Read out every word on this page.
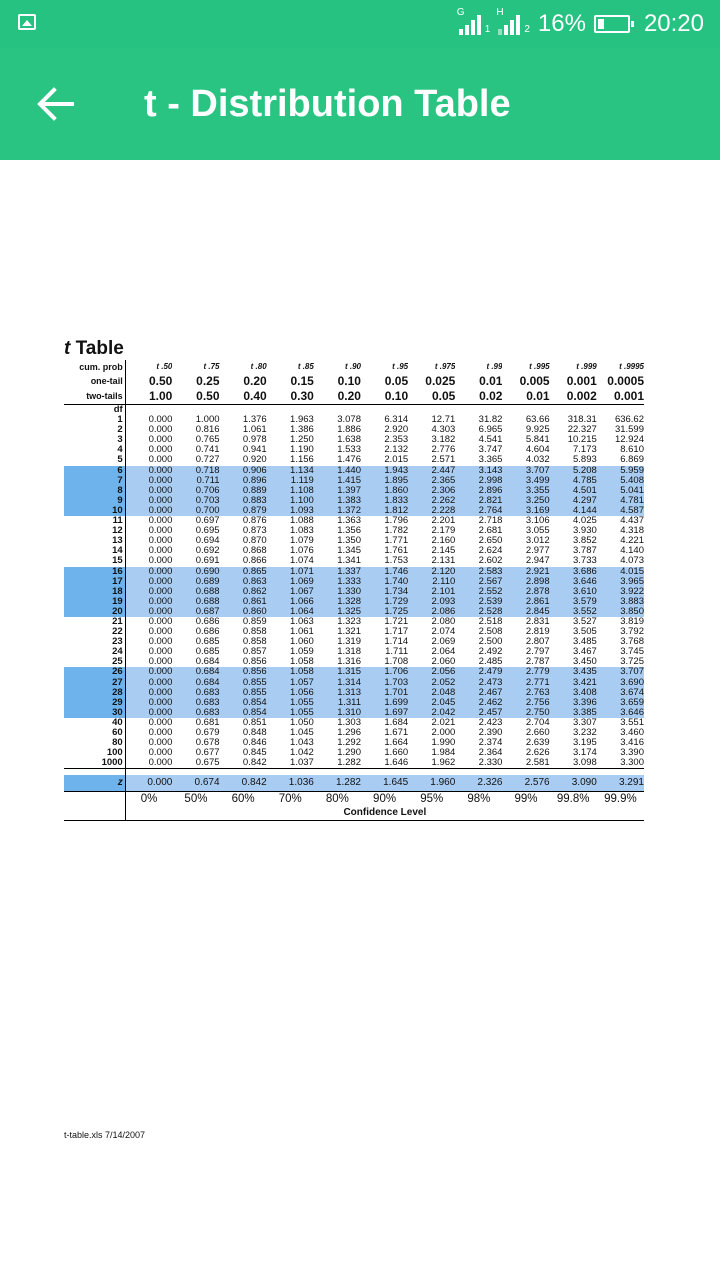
G
1
H
2 16% 20:20
t - Distribution Table
t Table
cum. prob	t .50	t .75	t .80	t .85	t .90	t .95	t .975	t .99	t .995	t .999	t .9995
one-tail	0.50	0.25	0.20	0.15	0.10	0.05	0.025	0.01	0.005	0.001	0.0005
two-tails	1.00	0.50	0.40	0.30	0.20	0.10	0.05	0.02	0.01	0.002	0.001
df											
1	0.000	1.000	1.376	1.963	3.078	6.314	12.71	31.82	63.66	318.31	636.62
2	0.000	0.816	1.061	1.386	1.886	2.920	4.303	6.965	9.925	22.327	31.599
3	0.000	0.765	0.978	1.250	1.638	2.353	3.182	4.541	5.841	10.215	12.924
4	0.000	0.741	0.941	1.190	1.533	2.132	2.776	3.747	4.604	7.173	8.610
5	0.000	0.727	0.920	1.156	1.476	2.015	2.571	3.365	4.032	5.893	6.869
6	0.000	0.718	0.906	1.134	1.440	1.943	2.447	3.143	3.707	5.208	5.959
7	0.000	0.711	0.896	1.119	1.415	1.895	2.365	2.998	3.499	4.785	5.408
8	0.000	0.706	0.889	1.108	1.397	1.860	2.306	2.896	3.355	4.501	5.041
9	0.000	0.703	0.883	1.100	1.383	1.833	2.262	2.821	3.250	4.297	4.781
10	0.000	0.700	0.879	1.093	1.372	1.812	2.228	2.764	3.169	4.144	4.587
11	0.000	0.697	0.876	1.088	1.363	1.796	2.201	2.718	3.106	4.025	4.437
12	0.000	0.695	0.873	1.083	1.356	1.782	2.179	2.681	3.055	3.930	4.318
13	0.000	0.694	0.870	1.079	1.350	1.771	2.160	2.650	3.012	3.852	4.221
14	0.000	0.692	0.868	1.076	1.345	1.761	2.145	2.624	2.977	3.787	4.140
15	0.000	0.691	0.866	1.074	1.341	1.753	2.131	2.602	2.947	3.733	4.073
16	0.000	0.690	0.865	1.071	1.337	1.746	2.120	2.583	2.921	3.686	4.015
17	0.000	0.689	0.863	1.069	1.333	1.740	2.110	2.567	2.898	3.646	3.965
18	0.000	0.688	0.862	1.067	1.330	1.734	2.101	2.552	2.878	3.610	3.922
19	0.000	0.688	0.861	1.066	1.328	1.729	2.093	2.539	2.861	3.579	3.883
20	0.000	0.687	0.860	1.064	1.325	1.725	2.086	2.528	2.845	3.552	3.850
21	0.000	0.686	0.859	1.063	1.323	1.721	2.080	2.518	2.831	3.527	3.819
22	0.000	0.686	0.858	1.061	1.321	1.717	2.074	2.508	2.819	3.505	3.792
23	0.000	0.685	0.858	1.060	1.319	1.714	2.069	2.500	2.807	3.485	3.768
24	0.000	0.685	0.857	1.059	1.318	1.711	2.064	2.492	2.797	3.467	3.745
25	0.000	0.684	0.856	1.058	1.316	1.708	2.060	2.485	2.787	3.450	3.725
26	0.000	0.684	0.856	1.058	1.315	1.706	2.056	2.479	2.779	3.435	3.707
27	0.000	0.684	0.855	1.057	1.314	1.703	2.052	2.473	2.771	3.421	3.690
28	0.000	0.683	0.855	1.056	1.313	1.701	2.048	2.467	2.763	3.408	3.674
29	0.000	0.683	0.854	1.055	1.311	1.699	2.045	2.462	2.756	3.396	3.659
30	0.000	0.683	0.854	1.055	1.310	1.697	2.042	2.457	2.750	3.385	3.646
40	0.000	0.681	0.851	1.050	1.303	1.684	2.021	2.423	2.704	3.307	3.551
60	0.000	0.679	0.848	1.045	1.296	1.671	2.000	2.390	2.660	3.232	3.460
80	0.000	0.678	0.846	1.043	1.292	1.664	1.990	2.374	2.639	3.195	3.416
100	0.000	0.677	0.845	1.042	1.290	1.660	1.984	2.364	2.626	3.174	3.390
1000	0.000	0.675	0.842	1.037	1.282	1.646	1.962	2.330	2.581	3.098	3.300

z	0.000	0.674	0.842	1.036	1.282	1.645	1.960	2.326	2.576	3.090	3.291
	0%	50%	60%	70%	80%	90%	95%	98%	99%	99.8%	99.9%
	Confidence Level										
t-table.xls 7/14/2007
